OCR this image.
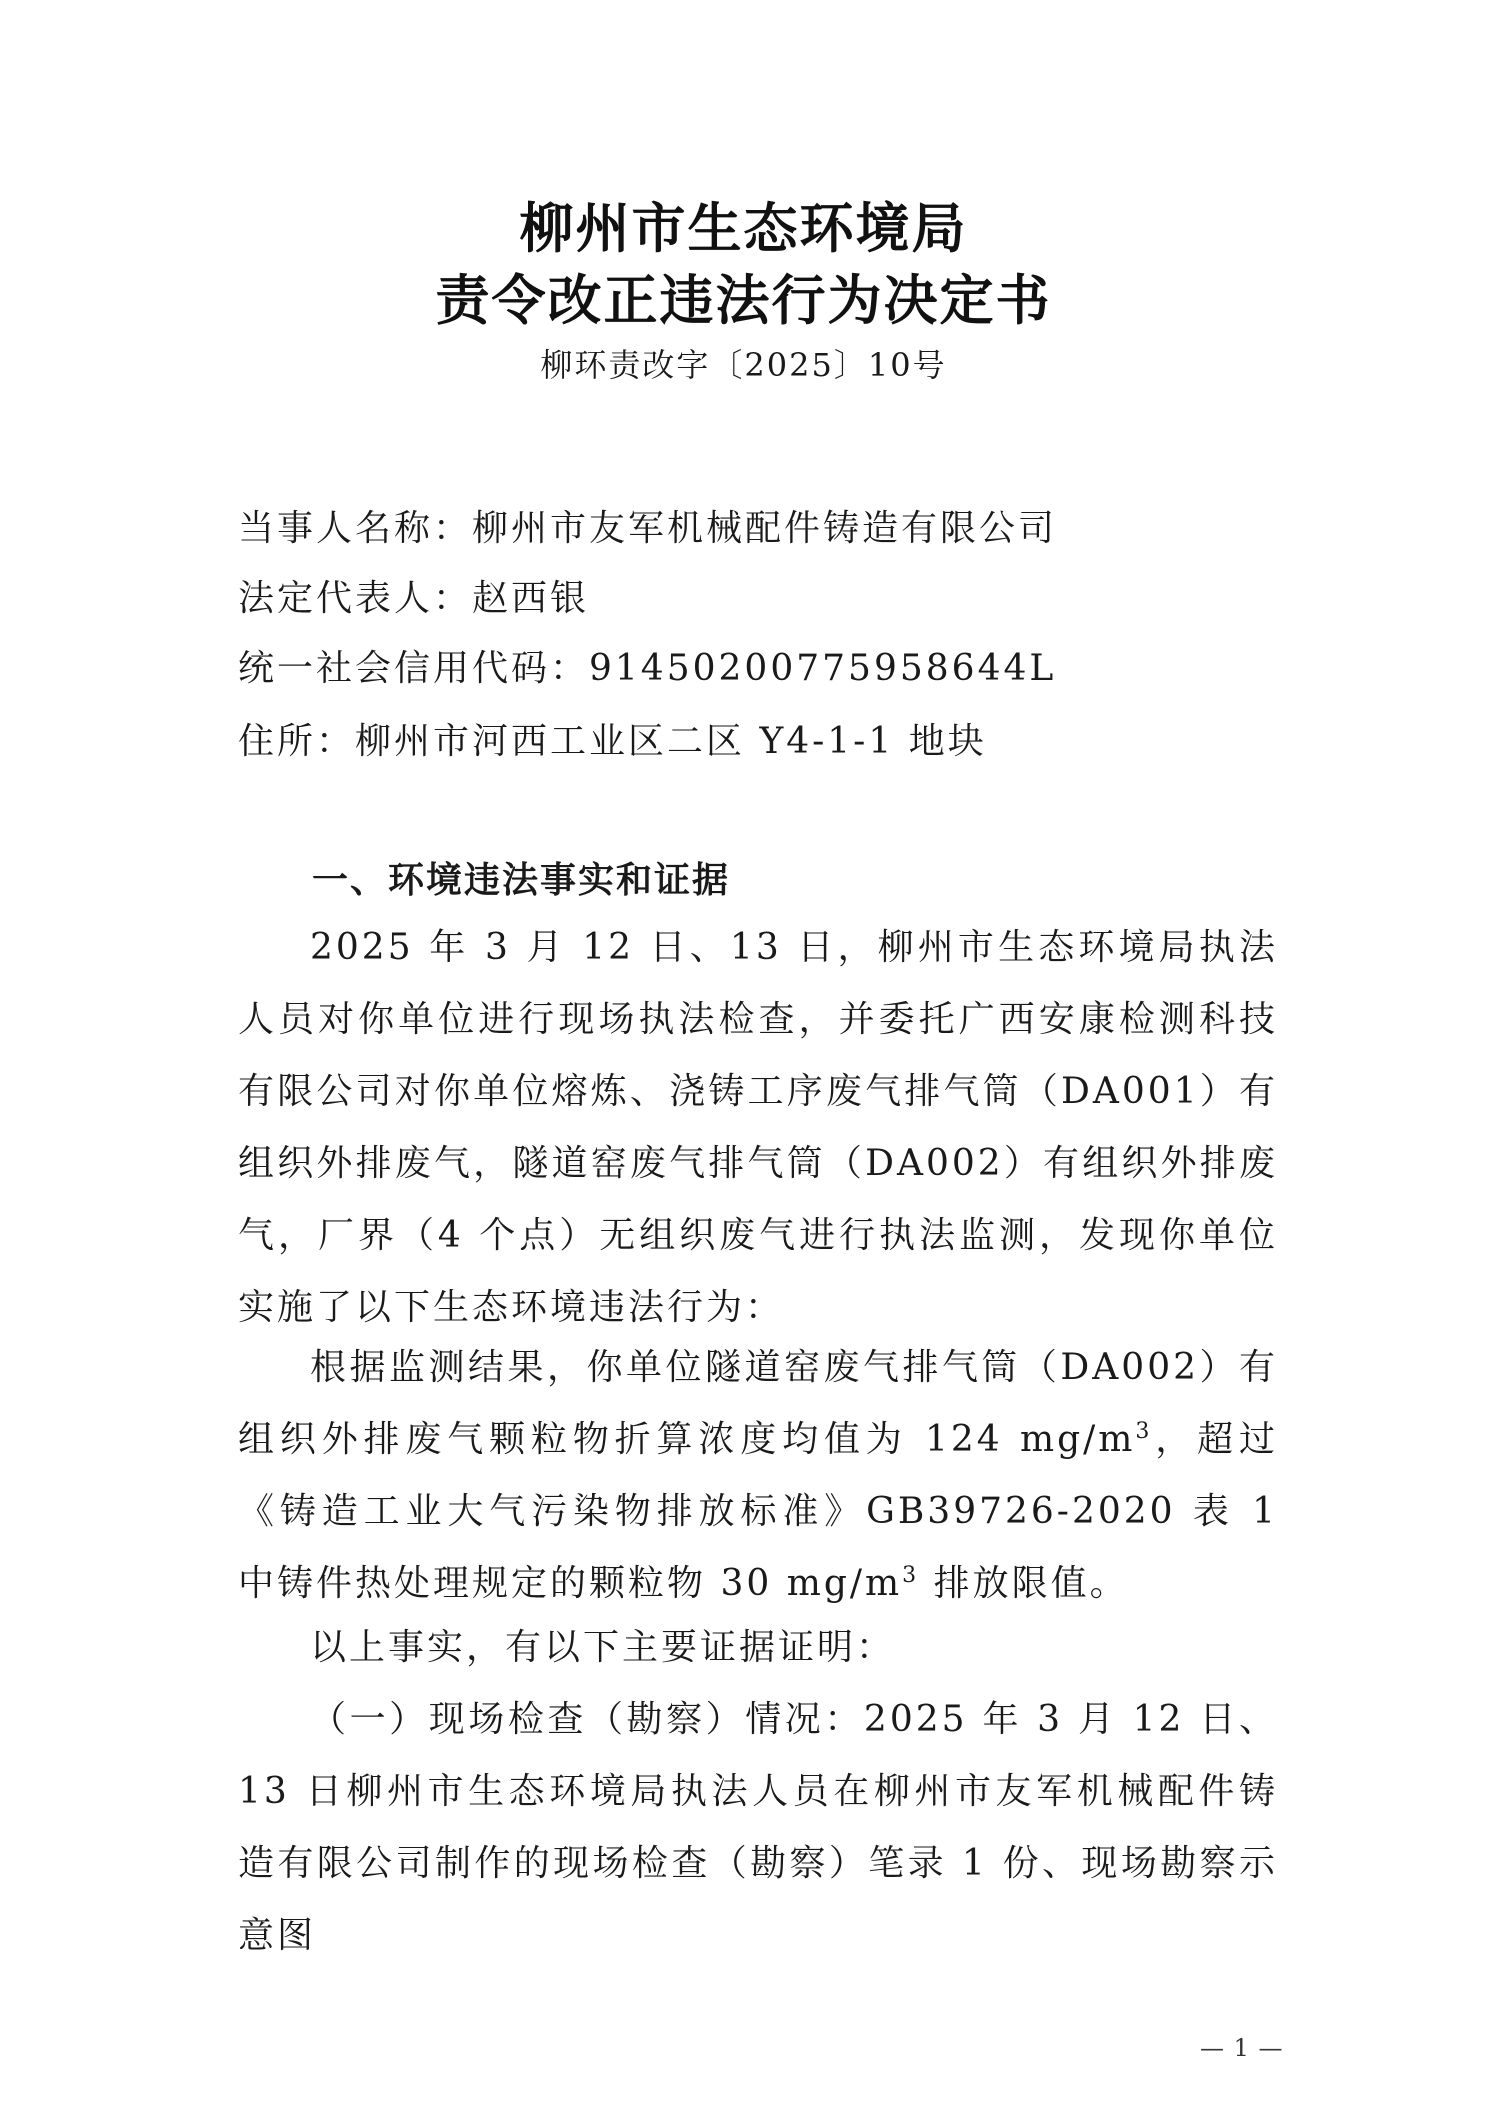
柳州市生态环境局
责令改正违法行为决定书
柳环责改字〔2025〕10号
当事人名称：柳州市友军机械配件铸造有限公司
法定代表人：赵西银
统一社会信用代码：91450200775958644L
住所：柳州市河西工业区二区 Y4-1-1 地块
一、环境违法事实和证据

2025 年 3 月 12 日、13 日，柳州市生态环境局执法人员对你单位进行现场执法检查，并委托广西安康检测科技有限公司对你单位熔炼、浇铸工序废气排气筒（DA001）有组织外排废气，隧道窑废气排气筒（DA002）有组织外排废气，厂界（4 个点）无组织废气进行执法监测，发现你单位实施了以下生态环境违法行为：

根据监测结果，你单位隧道窑废气排气筒（DA002）有组织外排废气颗粒物折算浓度均值为 124 $mg/m^3$，超过《铸造工业大气污染物排放标准》GB39726-2020 表 1 中铸件热处理规定的颗粒物 30 $mg/m^3$ 排放限值。

以上事实，有以下主要证据证明：

（一）现场检查（勘察）情况：2025 年 3 月 12 日、13 日柳州市生态环境局执法人员在柳州市友军机械配件铸造有限公司制作的现场检查（勘察）笔录 1 份、现场勘察示意图

— 1 —
